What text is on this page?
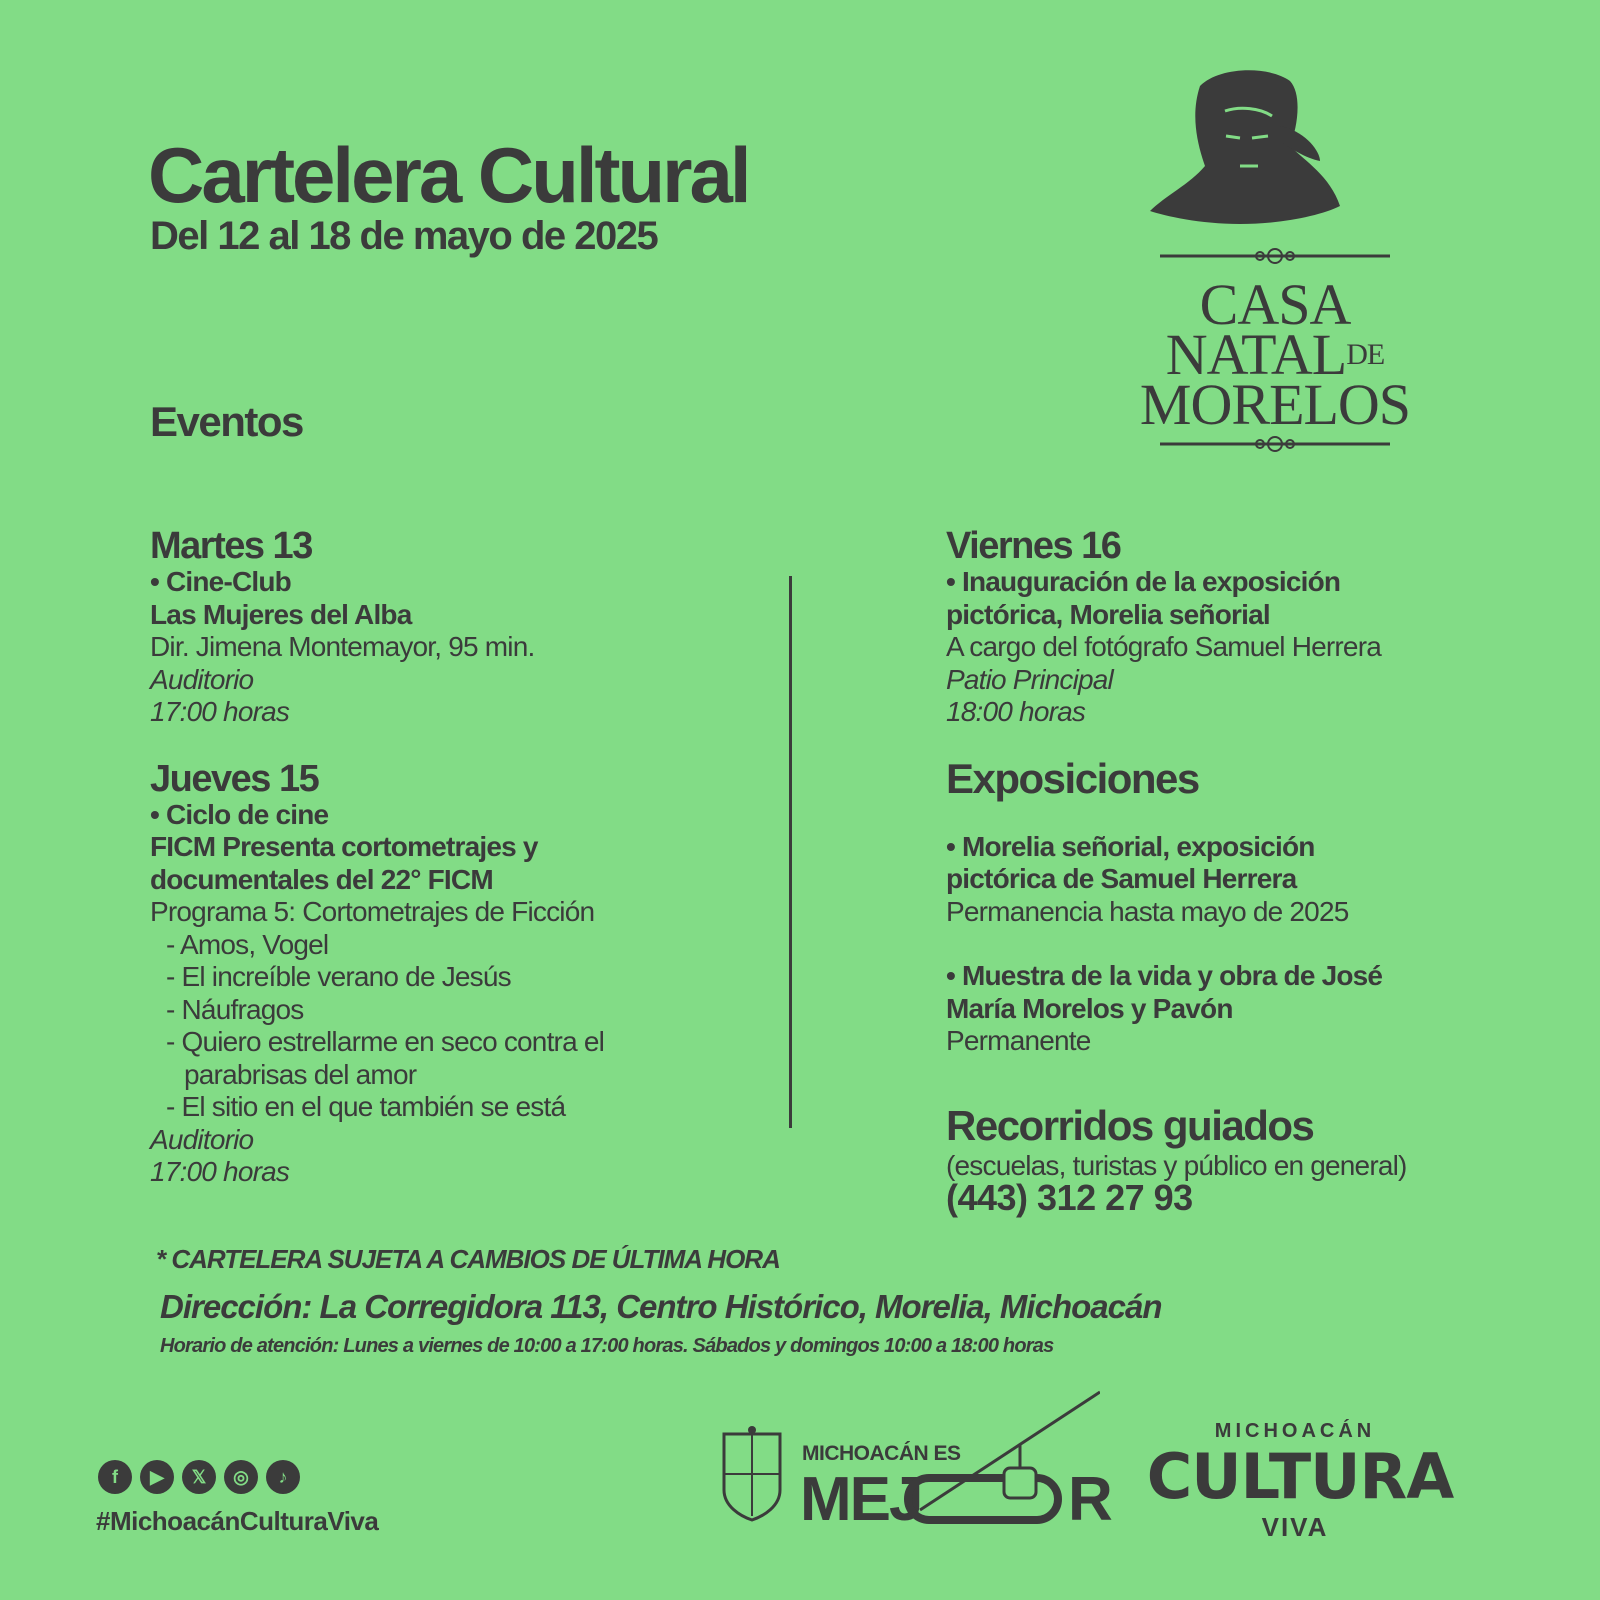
Cartelera Cultural
Del 12 al 18 de mayo de 2025
CASA
$NATAL^{DE}$
MORELOS
Eventos
Martes 13
• Cine-Club
Las Mujeres del Alba
Dir. Jimena Montemayor, 95 min.
Auditorio
17:00 horas
Jueves 15
• Ciclo de cine
FICM Presenta cortometrajes y
documentales del 22° FICM
Programa 5: Cortometrajes de Ficción
- Amos, Vogel
- El increíble verano de Jesús
- Náufragos
- Quiero estrellarme en seco contra el
parabrisas del amor
- El sitio en el que también se está
Auditorio
17:00 horas
Viernes 16
• Inauguración de la exposición
pictórica, Morelia señorial
A cargo del fotógrafo Samuel Herrera
Patio Principal
18:00 horas
Exposiciones
• Morelia señorial, exposición
pictórica de Samuel Herrera
Permanencia hasta mayo de 2025
• Muestra de la vida y obra de José
María Morelos y Pavón
Permanente
Recorridos guiados
(escuelas, turistas y público en general)
(443) 312 27 93
* CARTELERA SUJETA A CAMBIOS DE ÚLTIMA HORA
Dirección: La Corregidora 113, Centro Histórico, Morelia, Michoacán
Horario de atención: Lunes a viernes de 10:00 a 17:00 horas. Sábados y domingos 10:00 a 18:00 horas
f	▶	𝕏	◎	♪
#MichoacánCulturaViva
MICHOACÁN ES
MEJ R
MICHOACÁN
CULTURA
VIVA
